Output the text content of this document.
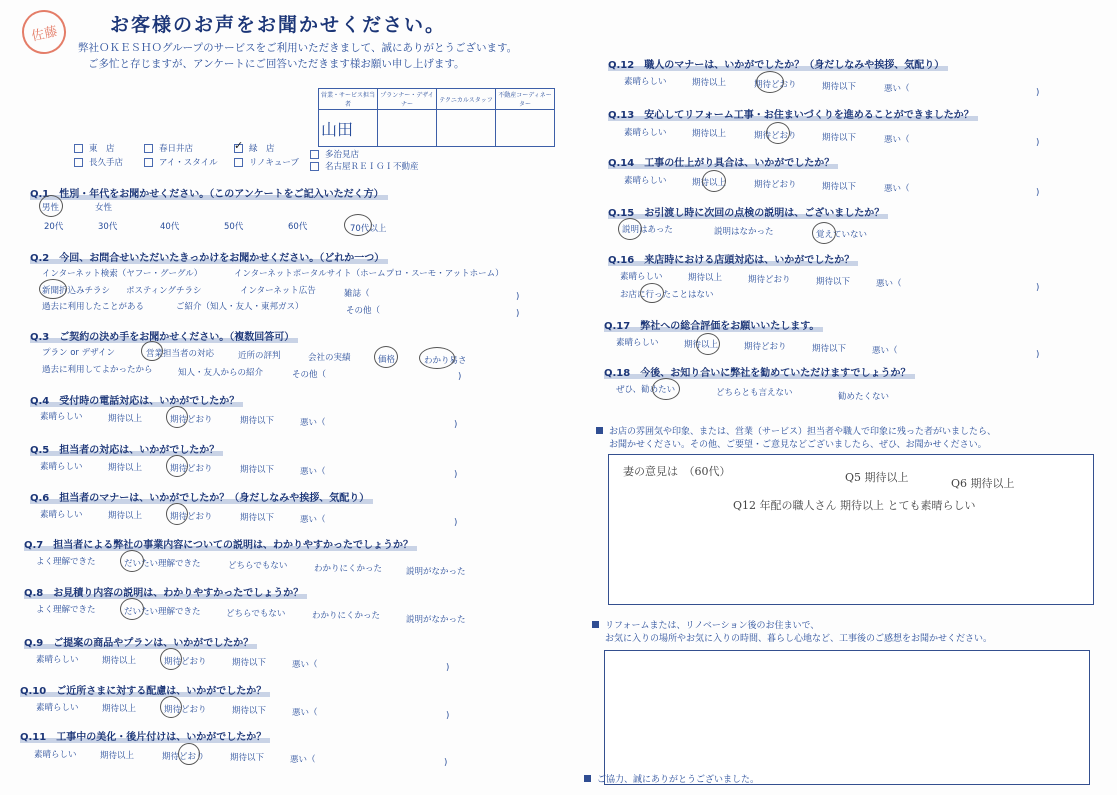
佐藤	お客様のお声をお聞かせください。
弊社ＯＫＥＳＨＯグループのサービスをご利用いただきまして、誠にありがとうございます。
ご多忙と存じますが、アンケートにご回答いただきます様お願い申し上げます。
営業・サービス担当者	プランナー・デザイナー	テクニカルスタッフ	不動産コーディネーター
山田			
東　店	春日井店 ✓	緑　店
多治見店
長久手店	アイ・スタイル	リノキューブ	名古屋ＲＥＩＧＩ不動産
Q.1　性別・年代をお聞かせください。（このアンケートをご記入いただく方）
男性	女性
20代	30代	40代	50代	60代	70代以上
Q.2　今回、お問合せいただいたきっかけをお聞かせください。（どれか一つ）
インターネット検索（ヤフー・グーグル）	インターネットポータルサイト（ホームプロ・スーモ・アットホーム）
新聞折込みチラシ ポスティングチラシ	インターネット広告	雑誌（	)
過去に利用したことがある	ご紹介（知人・友人・東邦ガス）	その他（	)
Q.3　ご契約の決め手をお聞かせください。（複数回答可）
プラン or デザイン	営業担当者の対応	近所の評判	会社の実績	価格	わかり易さ
過去に利用してよかったから	知人・友人からの紹介	その他（	)
Q.4　受付時の電話対応は、いかがでしたか？
素晴らしい	期待以上	期待どおり	期待以下	悪い（	)
Q.5　担当者の対応は、いかがでしたか？
素晴らしい	期待以上	期待どおり	期待以下	悪い（	)
Q.6　担当者のマナーは、いかがでしたか？（身だしなみや挨拶、気配り）
素晴らしい	期待以上	期待どおり	期待以下	悪い（	)
Q.7　担当者による弊社の事業内容についての説明は、わかりやすかったでしょうか？
よく理解できた	だいたい理解できた	どちらでもない	わかりにくかった	説明がなかった
Q.8　お見積り内容の説明は、わかりやすかったでしょうか？
よく理解できた	だいたい理解できた	どちらでもない	わかりにくかった	説明がなかった
Q.9　ご提案の商品やプランは、いかがでしたか？
素晴らしい	期待以上	期待どおり	期待以下	悪い（	)
Q.10　ご近所さまに対する配慮は、いかがでしたか？
素晴らしい	期待以上	期待どおり	期待以下	悪い（	)
Q.11　工事中の美化・後片付けは、いかがでしたか？
素晴らしい	期待以上	期待どおり	期待以下	悪い（	)
Q.12　職人のマナーは、いかがでしたか？（身だしなみや挨拶、気配り）
素晴らしい	期待以上	期待どおり	期待以下	悪い（	)
Q.13　安心してリフォーム工事・お住まいづくりを進めることができましたか？
素晴らしい	期待以上	期待どおり	期待以下	悪い（	)
Q.14　工事の仕上がり具合は、いかがでしたか？
素晴らしい	期待以上	期待どおり	期待以下	悪い（	)
Q.15　お引渡し時に次回の点検の説明は、ございましたか？
説明はあった	説明はなかった	覚えていない
Q.16　来店時における店頭対応は、いかがでしたか？
素晴らしい	期待以上	期待どおり	期待以下	悪い（	)
お店に行ったことはない
Q.17　弊社への総合評価をお願いいたします。
素晴らしい	期待以上	期待どおり	期待以下	悪い（	)
Q.18　今後、お知り合いに弊社を勧めていただけますでしょうか？
ぜひ、勧めたい	どちらとも言えない	勧めたくない
お店の雰囲気や印象、または、営業（サービス）担当者や職人で印象に残った者がいましたら、
お聞かせください。その他、ご要望・ご意見などございましたら、ぜひ、お聞かせください。
妻の意見は　（60代）	Q5 期待以上	Q6 期待以上
Q12 年配の職人さん 期待以上 とても素晴らしい
リフォームまたは、リノベーション後のお住まいで、
お気に入りの場所やお気に入りの時間、暮らし心地など、工事後のご感想をお聞かせください。
ご協力、誠にありがとうございました。
